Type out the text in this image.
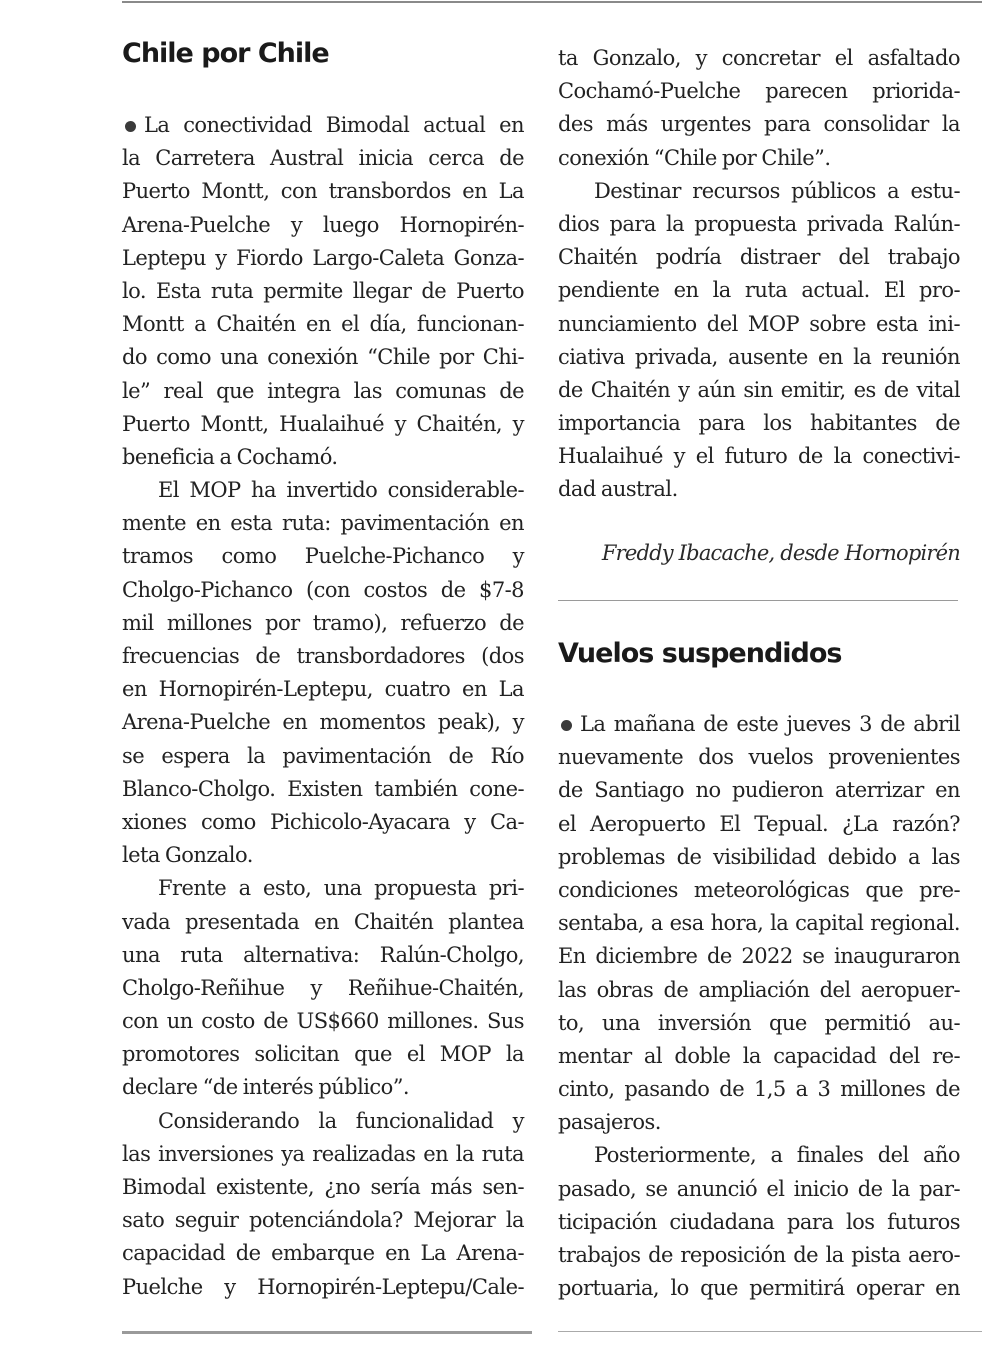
Chile por Chile
La conectividad Bimodal actual en
la Carretera Austral inicia cerca de
Puerto Montt, con transbordos en La
Arena-Puelche y luego Hornopirén-
Leptepu y Fiordo Largo-Caleta Gonza-
lo. Esta ruta permite llegar de Puerto
Montt a Chaitén en el día, funcionan-
do como una conexión “Chile por Chi-
le” real que integra las comunas de
Puerto Montt, Hualaihué y Chaitén, y
beneficia a Cochamó.
El MOP ha invertido considerable-
mente en esta ruta: pavimentación en
tramos como Puelche-Pichanco y
Cholgo-Pichanco (con costos de $7-8
mil millones por tramo), refuerzo de
frecuencias de transbordadores (dos
en Hornopirén-Leptepu, cuatro en La
Arena-Puelche en momentos peak), y
se espera la pavimentación de Río
Blanco-Cholgo. Existen también cone-
xiones como Pichicolo-Ayacara y Ca-
leta Gonzalo.
Frente a esto, una propuesta pri-
vada presentada en Chaitén plantea
una ruta alternativa: Ralún-Cholgo,
Cholgo-Reñihue y Reñihue-Chaitén,
con un costo de US$660 millones. Sus
promotores solicitan que el MOP la
declare “de interés público”.
Considerando la funcionalidad y
las inversiones ya realizadas en la ruta
Bimodal existente, ¿no sería más sen-
sato seguir potenciándola? Mejorar la
capacidad de embarque en La Arena-
Puelche y Hornopirén-Leptepu/Cale-
ta Gonzalo, y concretar el asfaltado
Cochamó-Puelche parecen priorida-
des más urgentes para consolidar la
conexión “Chile por Chile”.
Destinar recursos públicos a estu-
dios para la propuesta privada Ralún-
Chaitén podría distraer del trabajo
pendiente en la ruta actual. El pro-
nunciamiento del MOP sobre esta ini-
ciativa privada, ausente en la reunión
de Chaitén y aún sin emitir, es de vital
importancia para los habitantes de
Hualaihué y el futuro de la conectivi-
dad austral.
Freddy Ibacache, desde Hornopirén
Vuelos suspendidos
La mañana de este jueves 3 de abril
nuevamente dos vuelos provenientes
de Santiago no pudieron aterrizar en
el Aeropuerto El Tepual. ¿La razón?
problemas de visibilidad debido a las
condiciones meteorológicas que pre-
sentaba, a esa hora, la capital regional.
En diciembre de 2022 se inauguraron
las obras de ampliación del aeropuer-
to, una inversión que permitió au-
mentar al doble la capacidad del re-
cinto, pasando de 1,5 a 3 millones de
pasajeros.
Posteriormente, a finales del año
pasado, se anunció el inicio de la par-
ticipación ciudadana para los futuros
trabajos de reposición de la pista aero-
portuaria, lo que permitirá operar en
